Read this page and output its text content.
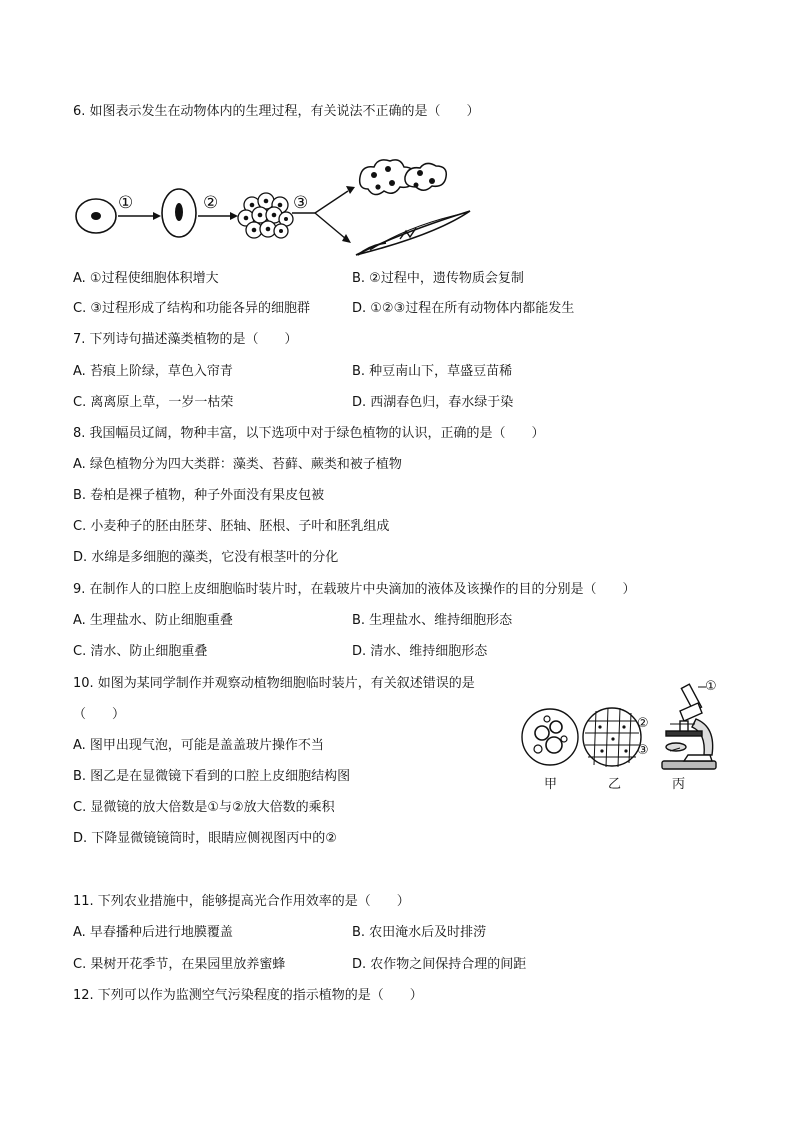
6. 如图表示发生在动物体内的生理过程，有关说法不正确的是（　　）
①	②	③
A. ①过程使细胞体积增大	B. ②过程中，遗传物质会复制
C. ③过程形成了结构和功能各异的细胞群	D. ①②③过程在所有动物体内都能发生
7. 下列诗句描述藻类植物的是（　　）
A. 苔痕上阶绿，草色入帘青	B. 种豆南山下，草盛豆苗稀
C. 离离原上草，一岁一枯荣	D. 西湖春色归，春水绿于染
8. 我国幅员辽阔，物种丰富，以下选项中对于绿色植物的认识，正确的是（　　）
A. 绿色植物分为四大类群：藻类、苔藓、蕨类和被子植物
B. 卷柏是裸子植物，种子外面没有果皮包被
C. 小麦种子的胚由胚芽、胚轴、胚根、子叶和胚乳组成
D. 水绵是多细胞的藻类，它没有根茎叶的分化
9. 在制作人的口腔上皮细胞临时装片时，在载玻片中央滴加的液体及该操作的目的分别是（　　）
A. 生理盐水、防止细胞重叠	B. 生理盐水、维持细胞形态
C. 清水、防止细胞重叠	D. 清水、维持细胞形态
10. 如图为某同学制作并观察动植物细胞临时装片，有关叙述错误的是
（　　）
A. 图甲出现气泡，可能是盖盖玻片操作不当
B. 图乙是在显微镜下看到的口腔上皮细胞结构图
C. 显微镜的放大倍数是①与②放大倍数的乘积
D. 下降显微镜镜筒时，眼睛应侧视图丙中的②
①
②
③
甲	乙	丙
11. 下列农业措施中，能够提高光合作用效率的是（　　）
A. 早春播种后进行地膜覆盖	B. 农田淹水后及时排涝
C. 果树开花季节，在果园里放养蜜蜂	D. 农作物之间保持合理的间距
12. 下列可以作为监测空气污染程度的指示植物的是（　　）
